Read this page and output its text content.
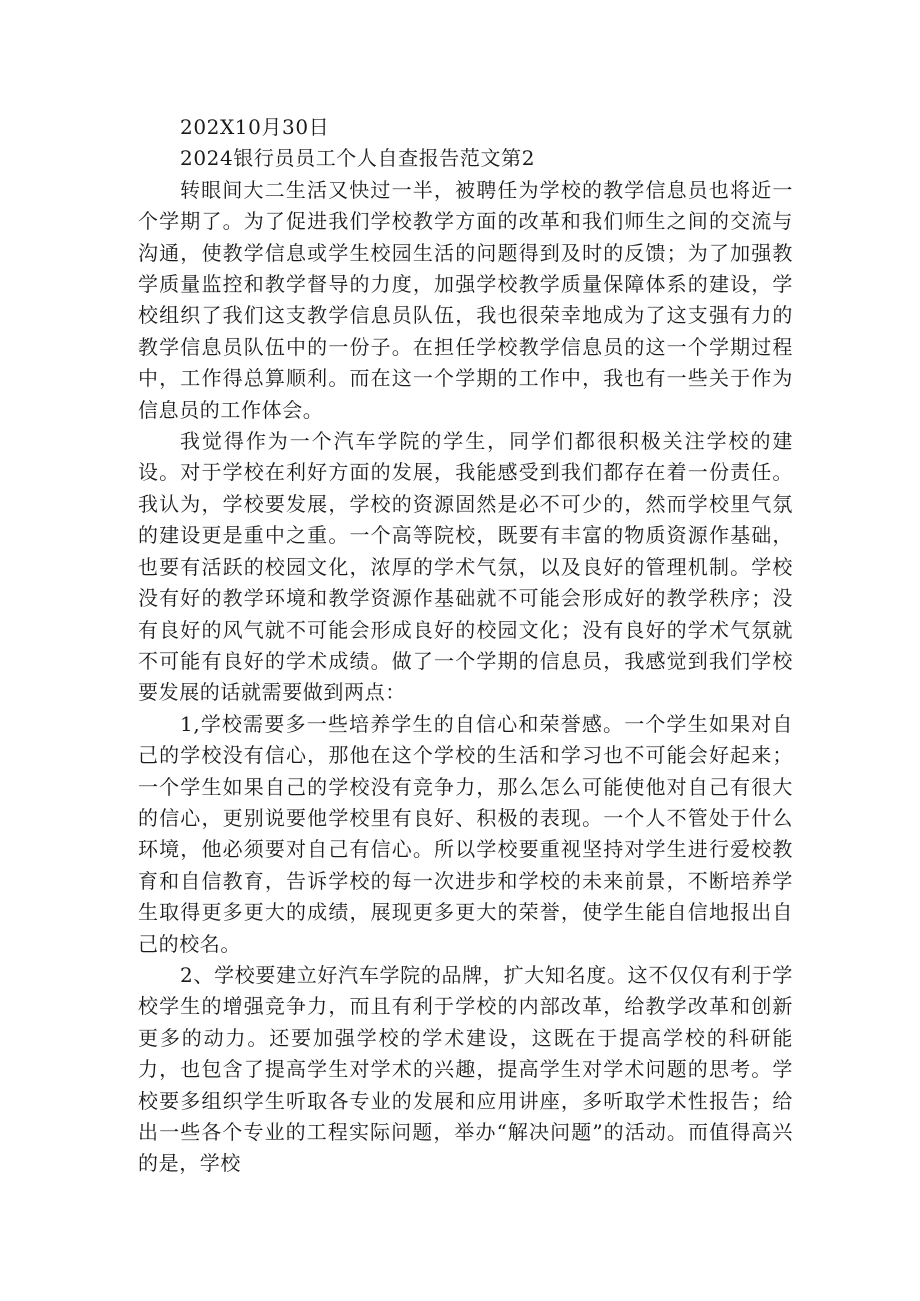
202X10月30日

2024银行员员工个人自查报告范文第2

转眼间大二生活又快过一半，被聘任为学校的教学信息员也将近一个学期了。为了促进我们学校教学方面的改革和我们师生之间的交流与沟通，使教学信息或学生校园生活的问题得到及时的反馈；为了加强教学质量监控和教学督导的力度，加强学校教学质量保障体系的建设，学校组织了我们这支教学信息员队伍，我也很荣幸地成为了这支强有力的教学信息员队伍中的一份子。在担任学校教学信息员的这一个学期过程中，工作得总算顺利。而在这一个学期的工作中，我也有一些关于作为信息员的工作体会。

我觉得作为一个汽车学院的学生，同学们都很积极关注学校的建设。对于学校在利好方面的发展，我能感受到我们都存在着一份责任。我认为，学校要发展，学校的资源固然是必不可少的，然而学校里气氛的建设更是重中之重。一个高等院校，既要有丰富的物质资源作基础，也要有活跃的校园文化，浓厚的学术气氛，以及良好的管理机制。学校没有好的教学环境和教学资源作基础就不可能会形成好的教学秩序；没有良好的风气就不可能会形成良好的校园文化；没有良好的学术气氛就不可能有良好的学术成绩。做了一个学期的信息员，我感觉到我们学校要发展的话就需要做到两点：

1,学校需要多一些培养学生的自信心和荣誉感。一个学生如果对自己的学校没有信心，那他在这个学校的生活和学习也不可能会好起来；一个学生如果自己的学校没有竞争力，那么怎么可能使他对自己有很大的信心，更别说要他学校里有良好、积极的表现。一个人不管处于什么环境，他必须要对自己有信心。所以学校要重视坚持对学生进行爱校教育和自信教育，告诉学校的每一次进步和学校的未来前景，不断培养学生取得更多更大的成绩，展现更多更大的荣誉，使学生能自信地报出自己的校名。

2、学校要建立好汽车学院的品牌，扩大知名度。这不仅仅有利于学校学生的增强竞争力，而且有利于学校的内部改革，给教学改革和创新更多的动力。还要加强学校的学术建设，这既在于提高学校的科研能力，也包含了提高学生对学术的兴趣，提高学生对学术问题的思考。学校要多组织学生听取各专业的发展和应用讲座，多听取学术性报告；给出一些各个专业的工程实际问题，举办“解决问题”的活动。而值得高兴的是，学校
